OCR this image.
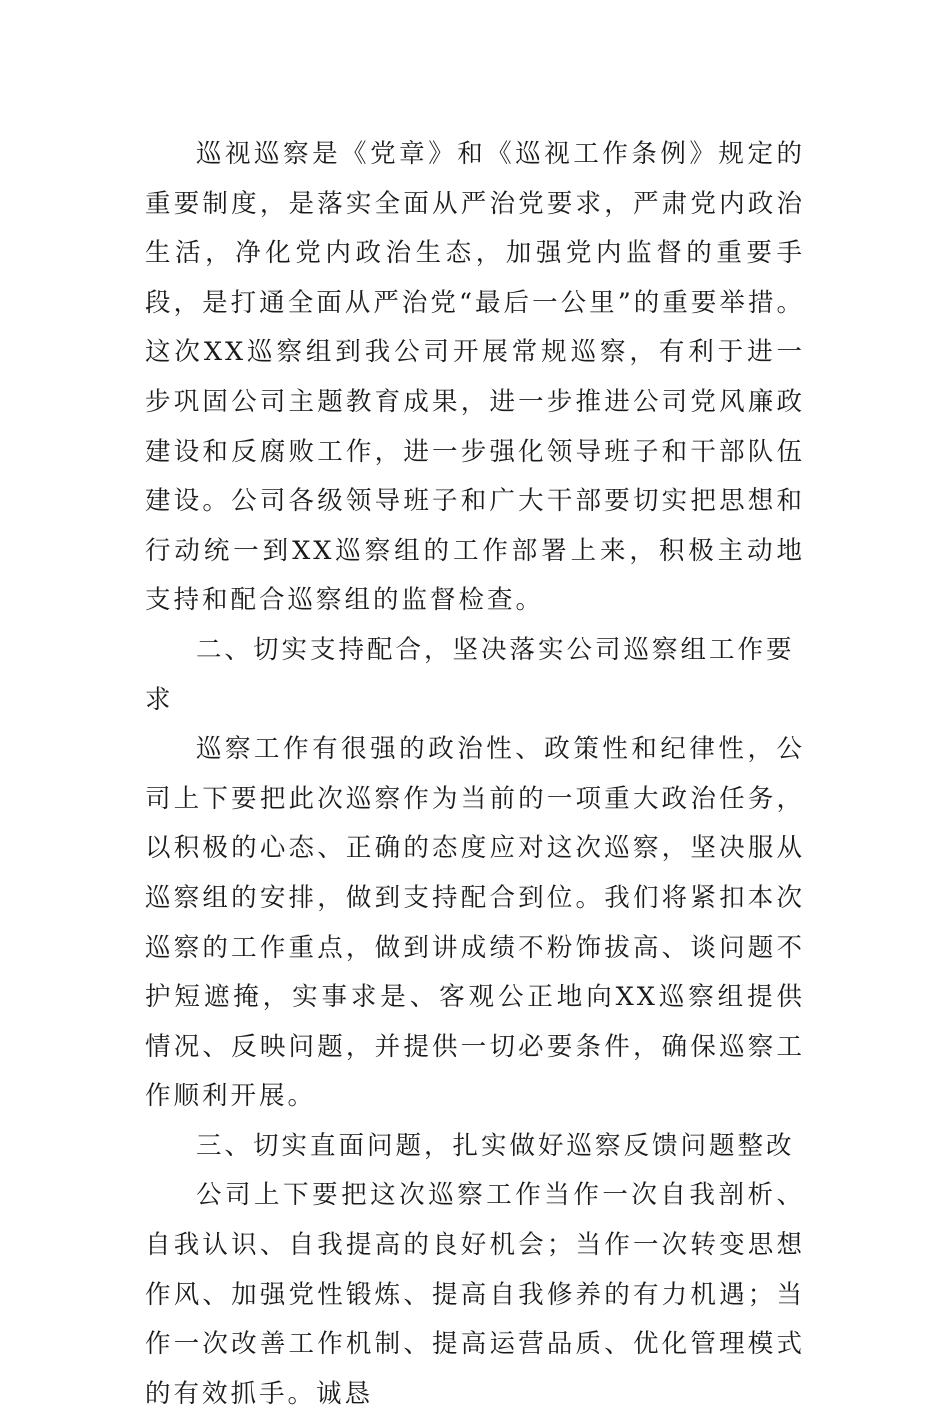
巡视巡察是《党章》和《巡视工作条例》规定的重要制度，是落实全面从严治党要求，严肃党内政治生活，净化党内政治生态，加强党内监督的重要手段，是打通全面从严治党“最后一公里”的重要举措。这次XX巡察组到我公司开展常规巡察，有利于进一步巩固公司主题教育成果，进一步推进公司党风廉政建设和反腐败工作，进一步强化领导班子和干部队伍建设。公司各级领导班子和广大干部要切实把思想和行动统一到XX巡察组的工作部署上来，积极主动地支持和配合巡察组的监督检查。

二、切实支持配合，坚决落实公司巡察组工作要求

巡察工作有很强的政治性、政策性和纪律性，公司上下要把此次巡察作为当前的一项重大政治任务，以积极的心态、正确的态度应对这次巡察，坚决服从巡察组的安排，做到支持配合到位。我们将紧扣本次巡察的工作重点，做到讲成绩不粉饰拔高、谈问题不护短遮掩，实事求是、客观公正地向XX巡察组提供情况、反映问题，并提供一切必要条件，确保巡察工作顺利开展。

三、切实直面问题，扎实做好巡察反馈问题整改

公司上下要把这次巡察工作当作一次自我剖析、自我认识、自我提高的良好机会；当作一次转变思想作风、加强党性锻炼、提高自我修养的有力机遇；当作一次改善工作机制、提高运营品质、优化管理模式的有效抓手。诚恳
